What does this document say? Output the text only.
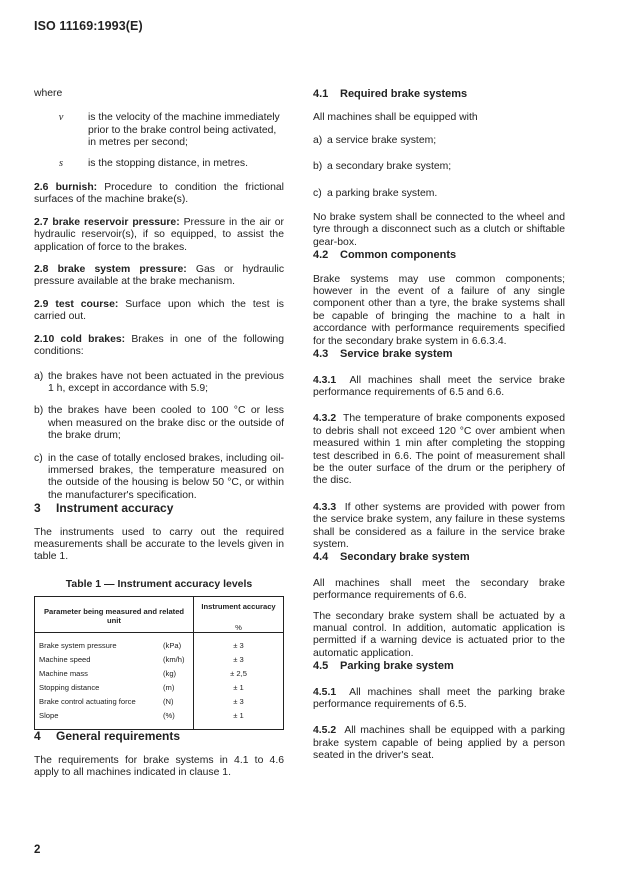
ISO 11169:1993(E)

where

v	is the velocity of the machine immediately prior to the brake control being activated, in metres per second;
s	is the stopping distance, in metres.

2.6 burnish: Procedure to condition the frictional surfaces of the machine brake(s).

2.7 brake reservoir pressure: Pressure in the air or hydraulic reservoir(s), if so equipped, to assist the application of force to the brakes.

2.8 brake system pressure: Gas or hydraulic pressure available at the brake mechanism.

2.9 test course: Surface upon which the test is carried out.

2.10 cold brakes: Brakes in one of the following conditions:

a) the brakes have not been actuated in the previous 1 h, except in accordance with 5.9;
b) the brakes have been cooled to 100 °C or less when measured on the brake disc or the outside of the brake drum;
c) in the case of totally enclosed brakes, including oil-immersed brakes, the temperature measured on the outside of the housing is below 50 °C, or within the manufacturer's specification.

3 Instrument accuracy

The instruments used to carry out the required measurements shall be accurate to the levels given in table 1.

Table 1 — Instrument accuracy levels
Parameter being measured and related unit		Instrument accuracy
%

Brake system pressure	(kPa)	± 3
Machine speed	(km/h)	± 3
Machine mass	(kg)	± 2,5
Stopping distance	(m)	± 1
Brake control actuating force	(N)	± 3
Slope	(%)	± 1

4 General requirements

The requirements for brake systems in 4.1 to 4.6 apply to all machines indicated in clause 1.

4.1 Required brake systems

All machines shall be equipped with

a) a service brake system;
b) a secondary brake system;
c) a parking brake system.

No brake system shall be connected to the wheel and tyre through a disconnect such as a clutch or shiftable gear-box.

4.2 Common components

Brake systems may use common components; however in the event of a failure of any single component other than a tyre, the brake systems shall be capable of bringing the machine to a halt in accordance with performance requirements specified for the secondary brake system in 6.6.3.4.

4.3 Service brake system

4.3.1 All machines shall meet the service brake performance requirements of 6.5 and 6.6.

4.3.2 The temperature of brake components exposed to debris shall not exceed 120 °C over ambient when measured within 1 min after completing the stopping test described in 6.6. The point of measurement shall be the outer surface of the drum or the periphery of the disc.

4.3.3 If other systems are provided with power from the service brake system, any failure in these systems shall be considered as a failure in the service brake system.

4.4 Secondary brake system

All machines shall meet the secondary brake performance requirements of 6.6.

The secondary brake system shall be actuated by a manual control. In addition, automatic application is permitted if a warning device is actuated prior to the automatic application.

4.5 Parking brake system

4.5.1 All machines shall meet the parking brake performance requirements of 6.5.

4.5.2 All machines shall be equipped with a parking brake system capable of being applied by a person seated in the driver's seat.

2
